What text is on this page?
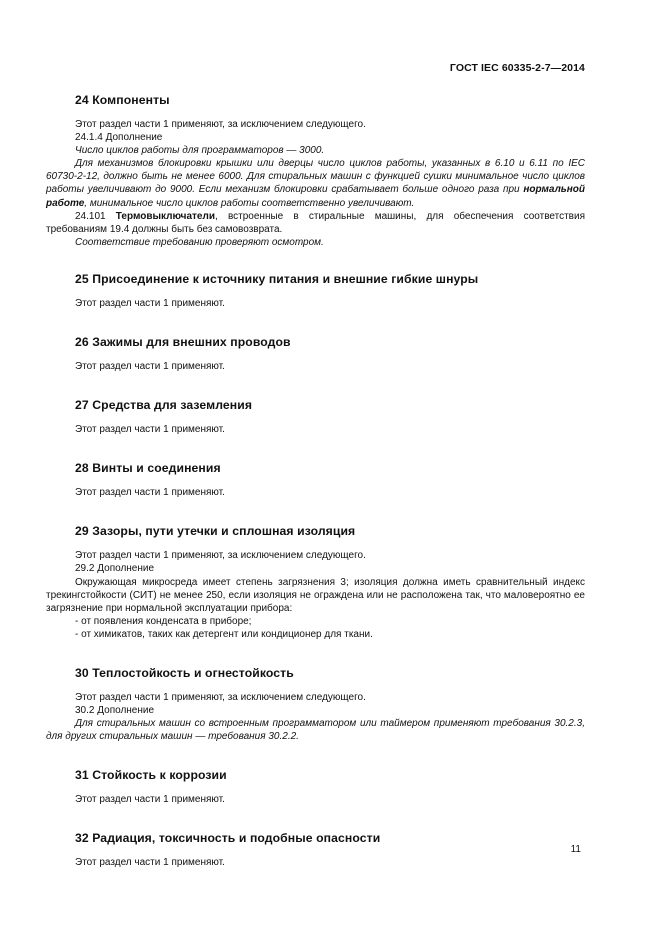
ГОСТ IEC 60335-2-7—2014
24 Компоненты

Этот раздел части 1 применяют, за исключением следующего.

24.1.4 Дополнение

Число циклов работы для программаторов — 3000.

Для механизмов блокировки крышки или дверцы число циклов работы, указанных в 6.10 и 6.11 по IEC 60730-2-12, должно быть не менее 6000. Для стиральных машин с функцией сушки минимальное число циклов работы увеличивают до 9000. Если механизм блокировки срабатывает больше одного раза при нормальной работе, минимальное число циклов работы соответственно увеличивают.

24.101 Термовыключатели, встроенные в стиральные машины, для обеспечения соответствия требованиям 19.4 должны быть без самовозврата.

Соответствие требованию проверяют осмотром.

25 Присоединение к источнику питания и внешние гибкие шнуры

Этот раздел части 1 применяют.

26 Зажимы для внешних проводов

Этот раздел части 1 применяют.

27 Средства для заземления

Этот раздел части 1 применяют.

28 Винты и соединения

Этот раздел части 1 применяют.

29 Зазоры, пути утечки и сплошная изоляция

Этот раздел части 1 применяют, за исключением следующего.

29.2 Дополнение

Окружающая микросреда имеет степень загрязнения 3; изоляция должна иметь сравнительный индекс трекингстойкости (СИТ) не менее 250, если изоляция не ограждена или не расположена так, что маловероятно ее загрязнение при нормальной эксплуатации прибора:

- от появления конденсата в приборе;

- от химикатов, таких как детергент или кондиционер для ткани.

30 Теплостойкость и огнестойкость

Этот раздел части 1 применяют, за исключением следующего.

30.2 Дополнение

Для стиральных машин со встроенным программатором или таймером применяют требования 30.2.3, для других стиральных машин — требования 30.2.2.

31 Стойкость к коррозии

Этот раздел части 1 применяют.

32 Радиация, токсичность и подобные опасности

Этот раздел части 1 применяют.

11
